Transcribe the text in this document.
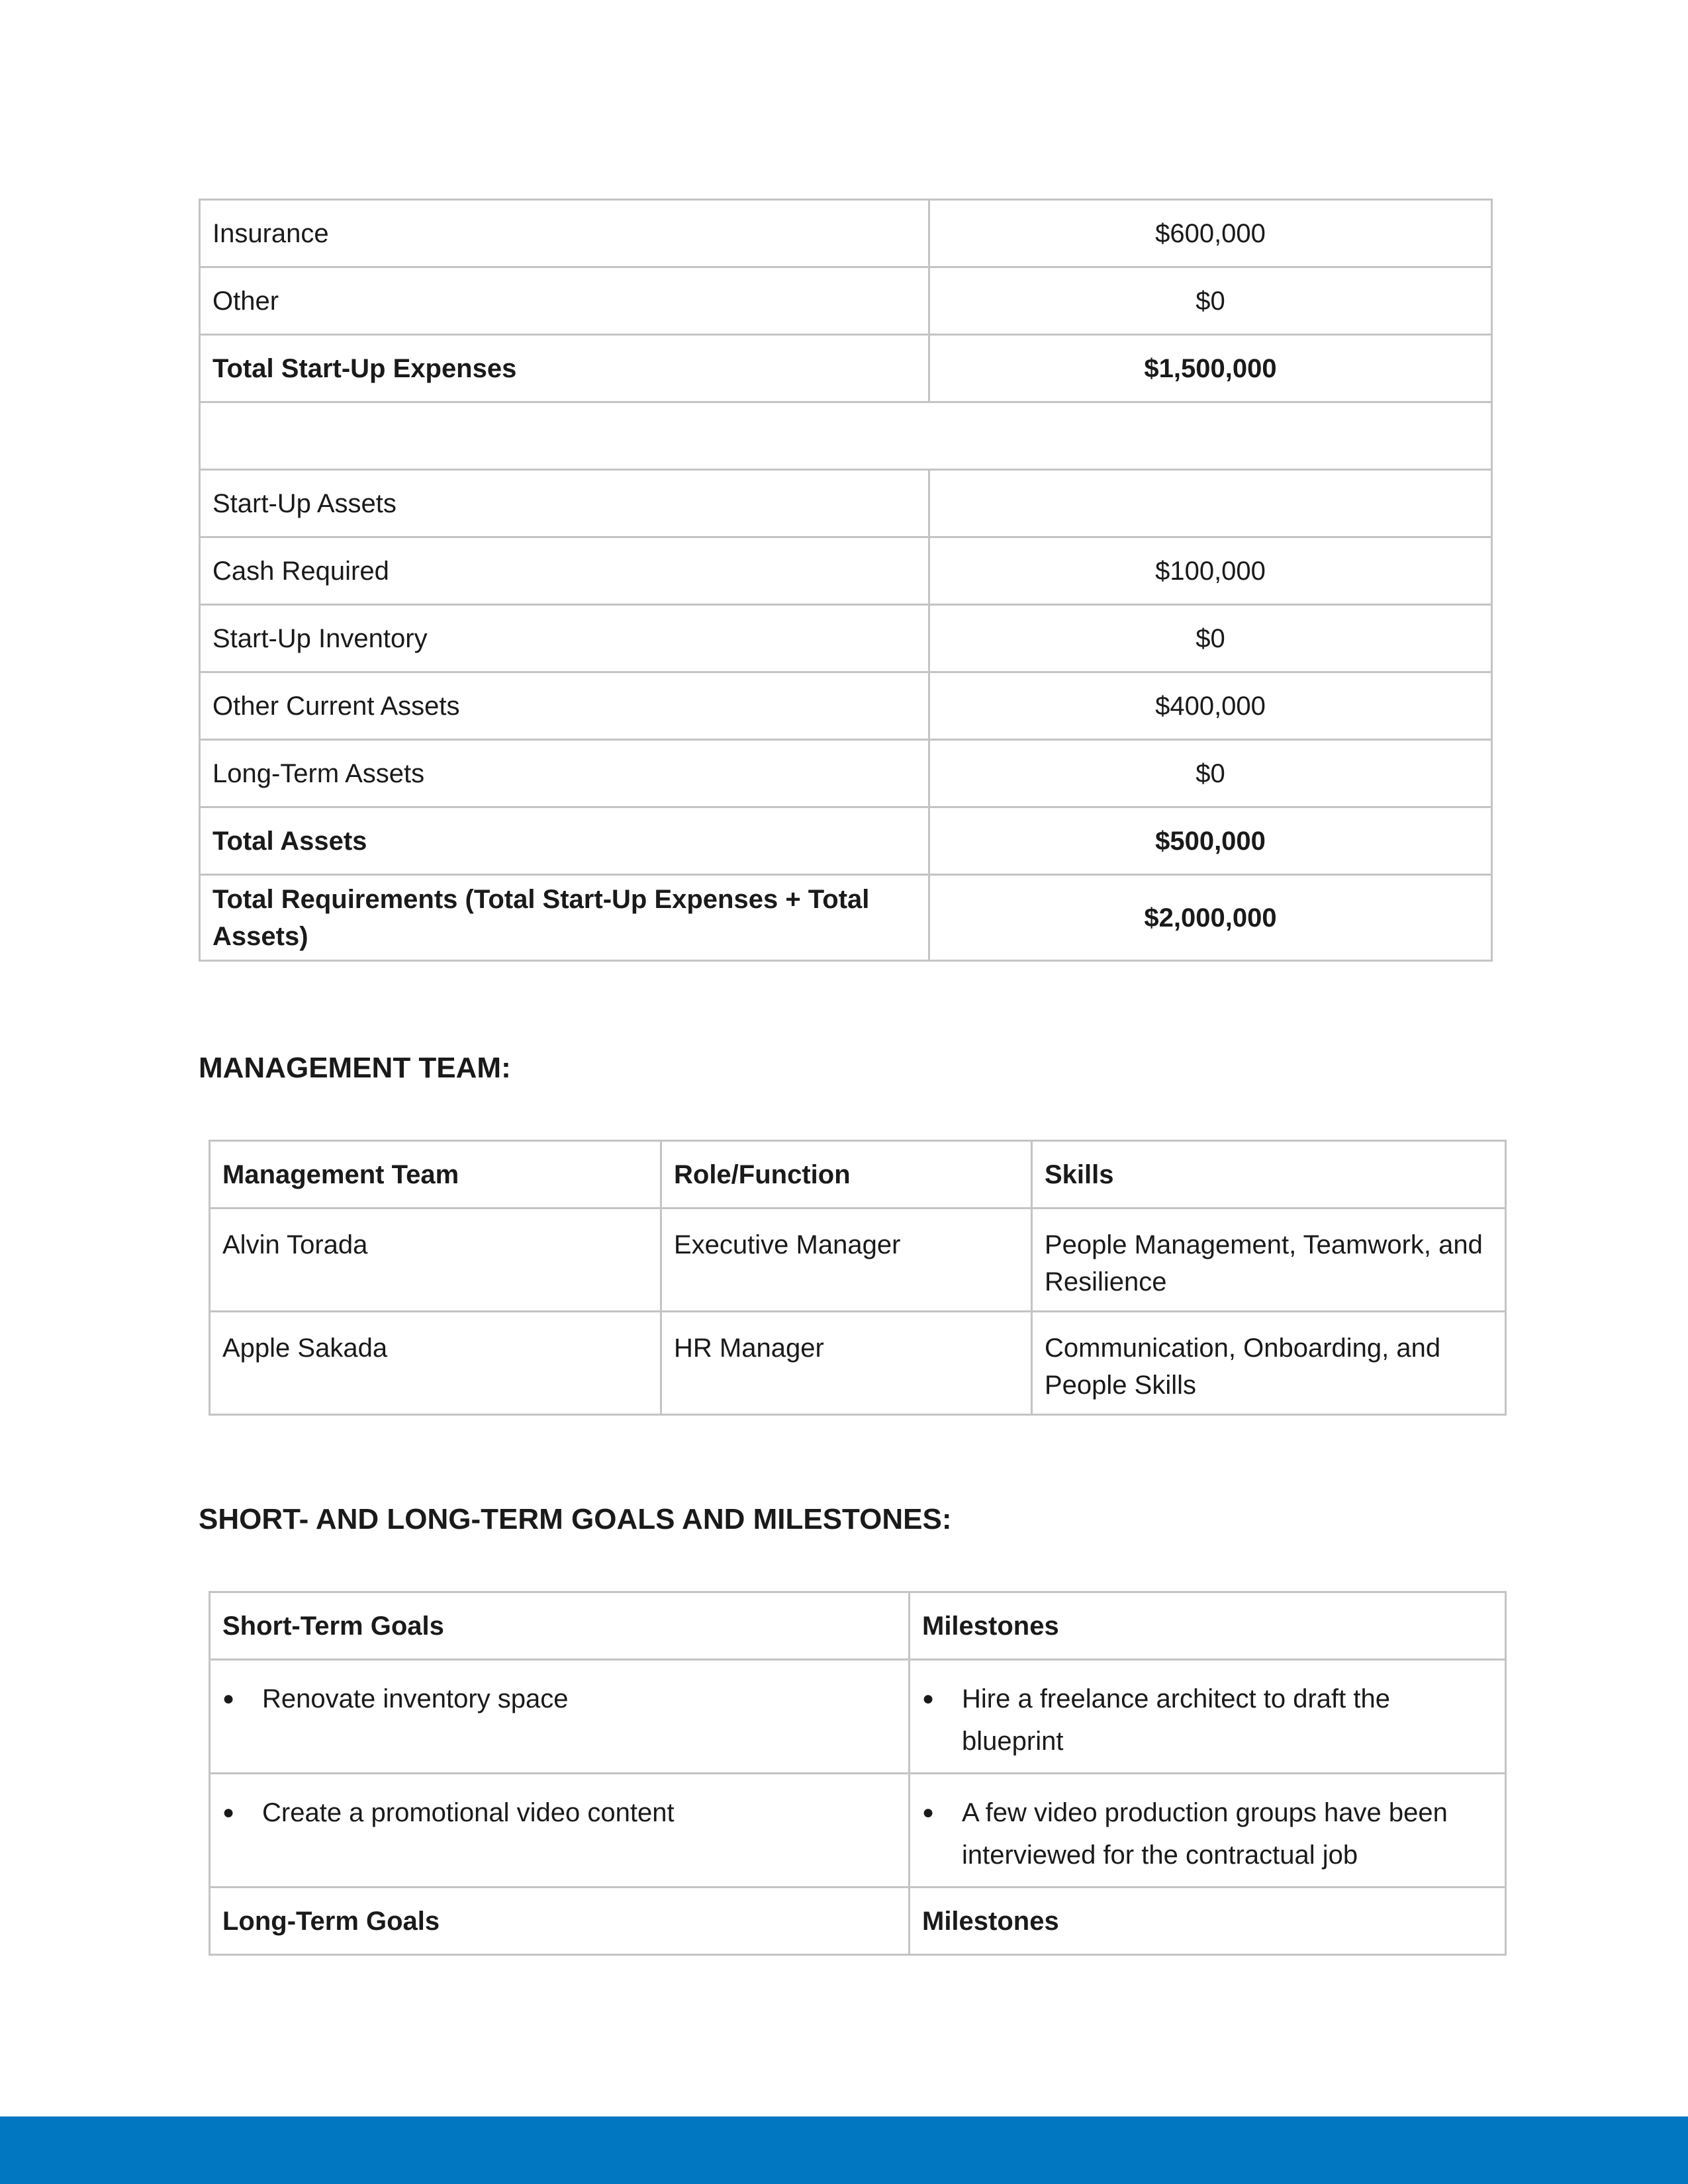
Insurance	$600,000
Other	$0
Total Start-Up Expenses	$1,500,000

Start-Up Assets	
Cash Required	$100,000
Start-Up Inventory	$0
Other Current Assets	$400,000
Long-Term Assets	$0
Total Assets	$500,000
Total Requirements (Total Start-Up Expenses + Total Assets)	$2,000,000
MANAGEMENT TEAM:
Management Team	Role/Function	Skills
Alvin Torada	Executive Manager	People Management, Teamwork, and Resilience
Apple Sakada	HR Manager	Communication, Onboarding, and People Skills
SHORT- AND LONG-TERM GOALS AND MILESTONES:
Short-Term Goals	Milestones

● Renovate inventory space	● Hire a freelance architect to draft the blueprint

● Create a promotional video content	● A few video production groups have been interviewed for the contractual job

Long-Term Goals	Milestones
